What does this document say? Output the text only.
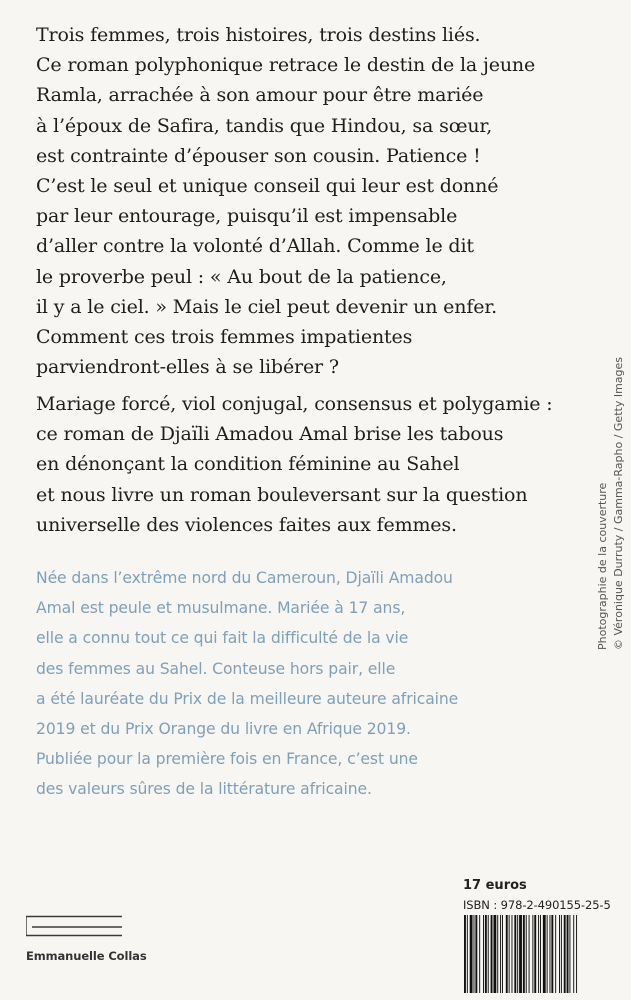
Trois femmes, trois histoires, trois destins liés.
Ce roman polyphonique retrace le destin de la jeune
Ramla, arrachée à son amour pour être mariée
à l’époux de Safira, tandis que Hindou, sa sœur,
est contrainte d’épouser son cousin. Patience !
C’est le seul et unique conseil qui leur est donné
par leur entourage, puisqu’il est impensable
d’aller contre la volonté d’Allah. Comme le dit
le proverbe peul : « Au bout de la patience,
il y a le ciel. » Mais le ciel peut devenir un enfer.
Comment ces trois femmes impatientes
parviendront-elles à se libérer ?
Mariage forcé, viol conjugal, consensus et polygamie :
ce roman de Djaïli Amadou Amal brise les tabous
en dénonçant la condition féminine au Sahel
et nous livre un roman bouleversant sur la question
universelle des violences faites aux femmes.
Née dans l’extrême nord du Cameroun, Djaïli Amadou
Amal est peule et musulmane. Mariée à 17 ans,
elle a connu tout ce qui fait la difficulté de la vie
des femmes au Sahel. Conteuse hors pair, elle
a été lauréate du Prix de la meilleure auteure africaine
2019 et du Prix Orange du livre en Afrique 2019.
Publiée pour la première fois en France, c’est une
des valeurs sûres de la littérature africaine.
Photographie de la couverture © Véronique Durruty / Gamma-Rapho / Getty Images
17 euros
ISBN : 978-2-490155-25-5
Emmanuelle Collas
